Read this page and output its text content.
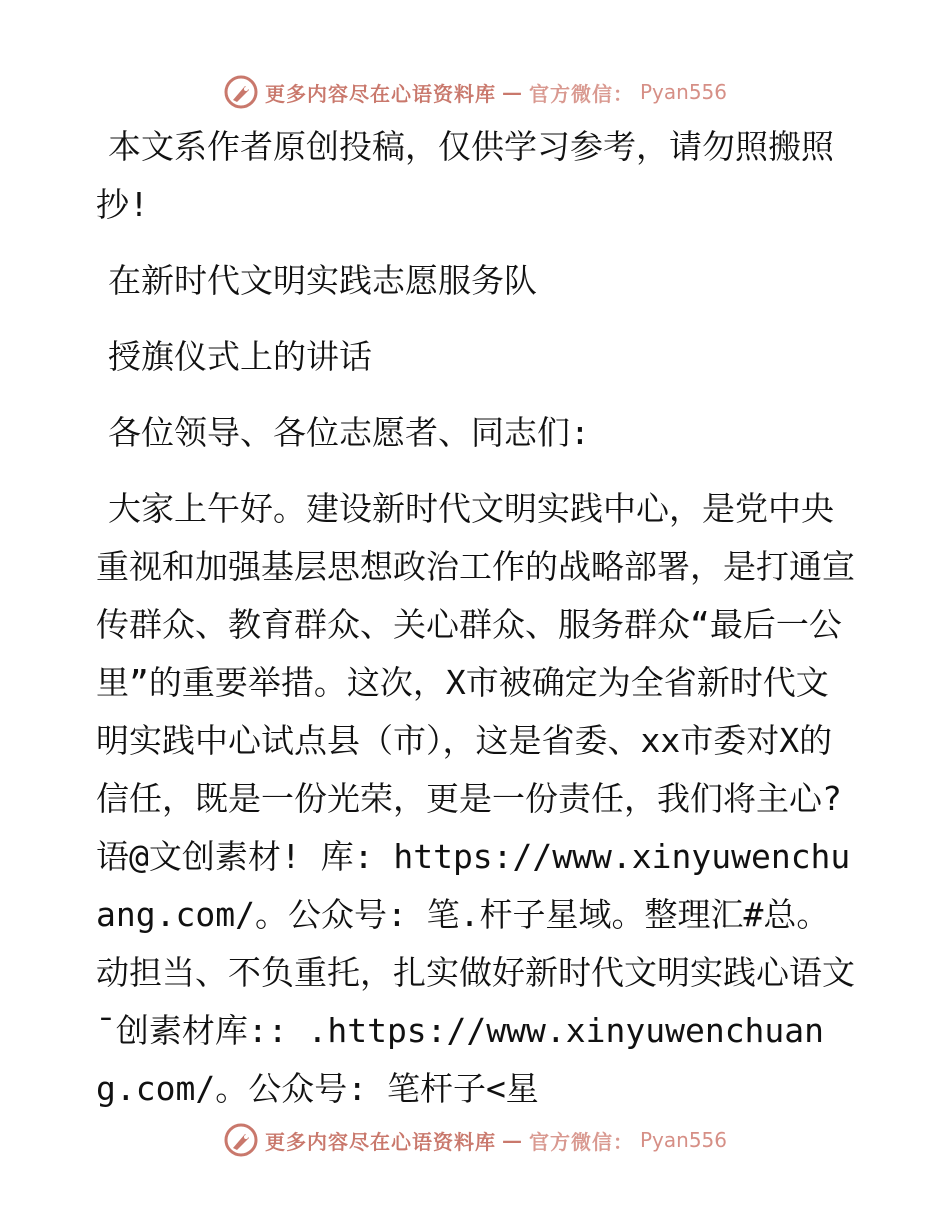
更多内容尽在心语资料库 — 官方微信： Pyan556

本文系作者原创投稿，仅供学习参考，请勿照搬照抄!

在新时代文明实践志愿服务队

授旗仪式上的讲话

各位领导、各位志愿者、同志们:

大家上午好。建设新时代文明实践中心，是党中央重视和加强基层思想政治工作的战略部署，是打通宣传群众、教育群众、关心群众、服务群众“最后一公里”的重要举措。这次，X市被确定为全省新时代文明实践中心试点县（市），这是省委、xx市委对X的信任，既是一份光荣，更是一份责任，我们将主心?语@文创素材! 库: https://www.xinyuwenchuang.com/。公众号: 笔.杆子星域。整理汇#总。动担当、不负重托，扎实做好新时代文明实践心语文¯创素材库:: .https://www.xinyuwenchuang.com/。公众号: 笔杆子<星

更多内容尽在心语资料库 — 官方微信： Pyan556
